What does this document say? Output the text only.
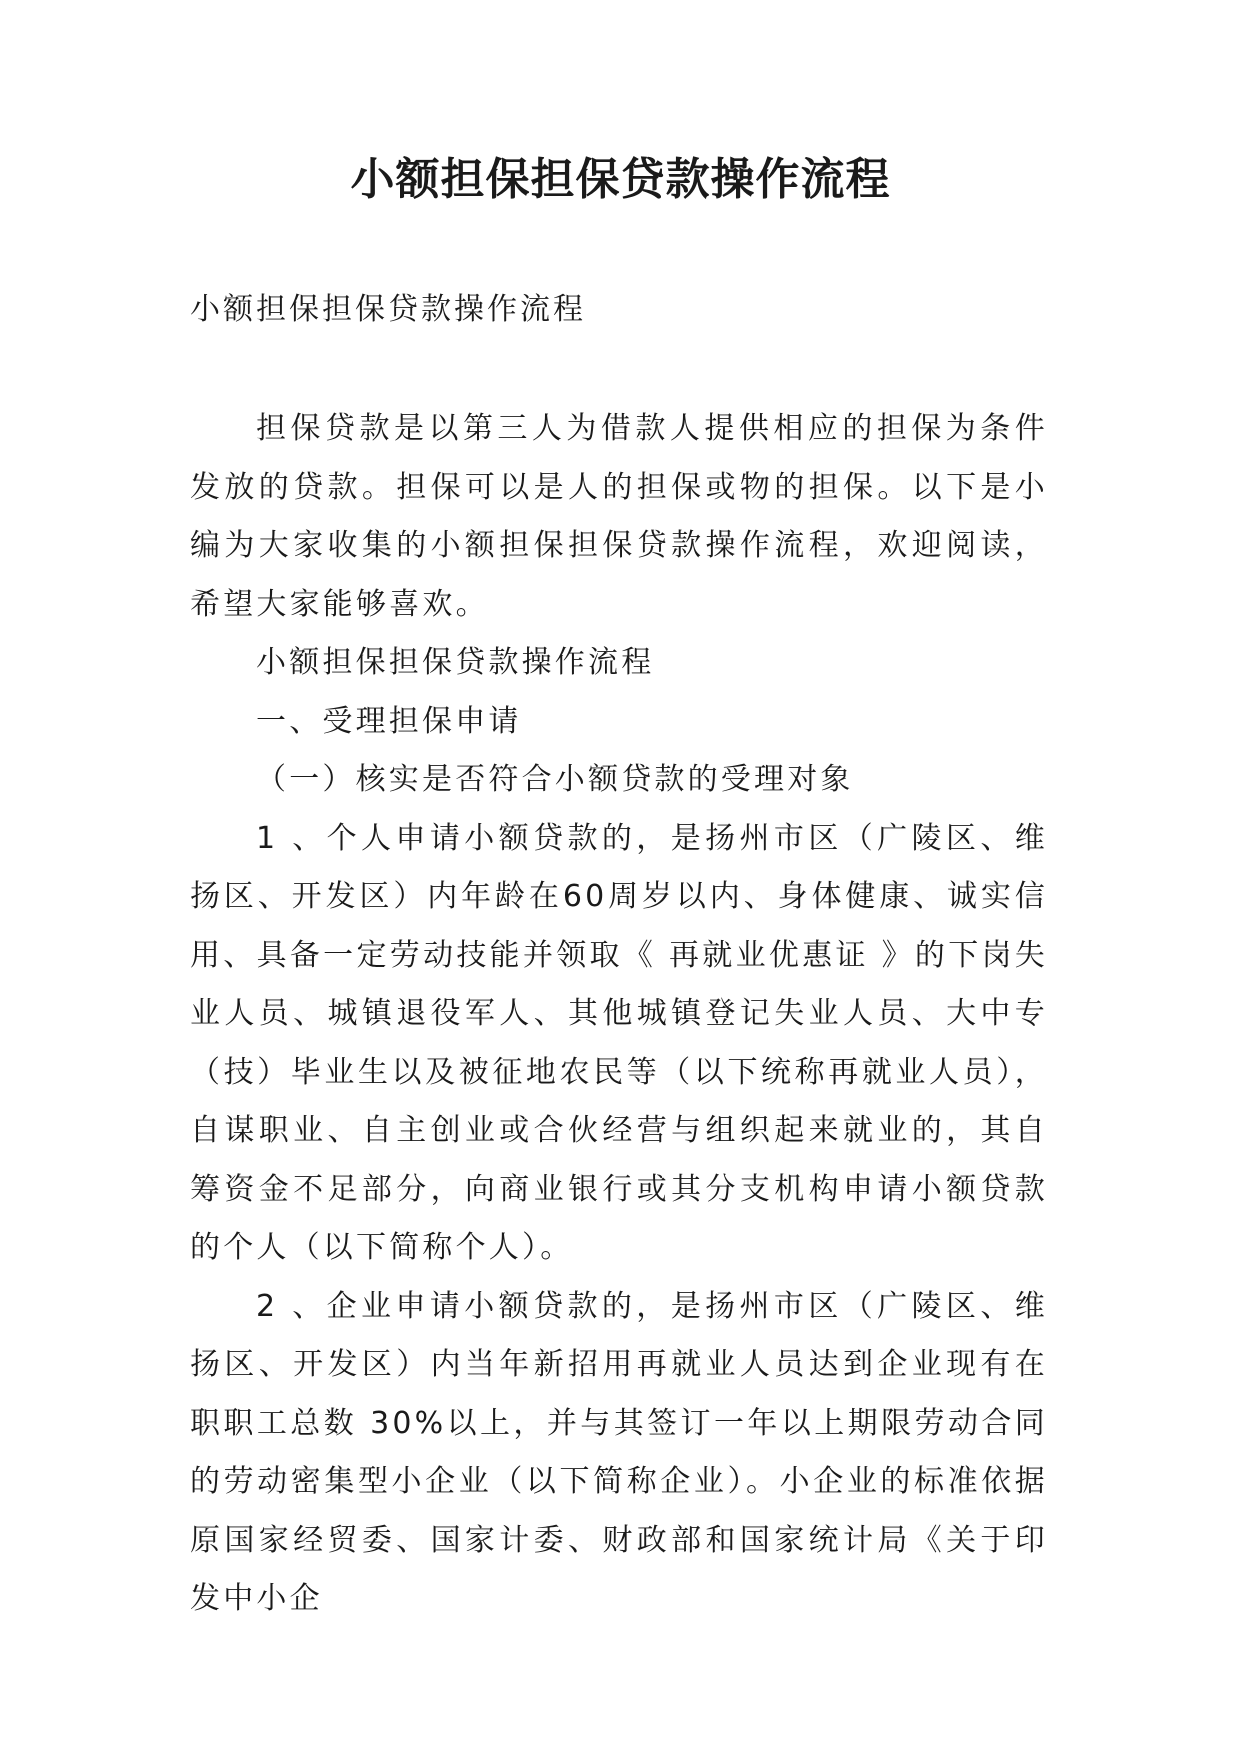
小额担保担保贷款操作流程
小额担保担保贷款操作流程

担保贷款是以第三人为借款人提供相应的担保为条件发放的贷款。担保可以是人的担保或物的担保。以下是小编为大家收集的小额担保担保贷款操作流程，欢迎阅读，希望大家能够喜欢。

小额担保担保贷款操作流程

一、受理担保申请

（一）核实是否符合小额贷款的受理对象

1 、个人申请小额贷款的，是扬州市区（广陵区、维扬区、开发区）内年龄在60周岁以内、身体健康、诚实信用、具备一定劳动技能并领取《 再就业优惠证 》的下岗失业人员、城镇退役军人、其他城镇登记失业人员、大中专（技）毕业生以及被征地农民等（以下统称再就业人员），自谋职业、自主创业或合伙经营与组织起来就业的，其自筹资金不足部分，向商业银行或其分支机构申请小额贷款的个人（以下简称个人）。

2 、企业申请小额贷款的，是扬州市区（广陵区、维扬区、开发区）内当年新招用再就业人员达到企业现有在职职工总数 30%以上，并与其签订一年以上期限劳动合同的劳动密集型小企业（以下简称企业）。小企业的标准依据原国家经贸委、国家计委、财政部和国家统计局《关于印发中小企
